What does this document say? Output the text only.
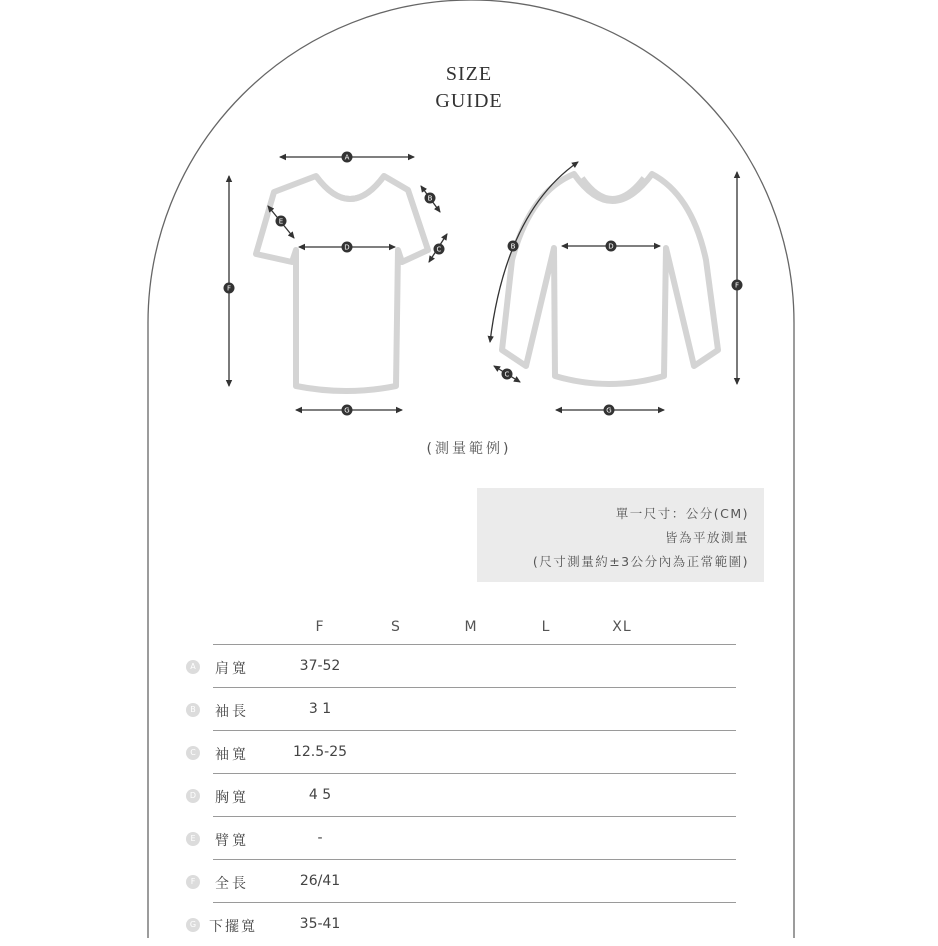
SIZE
GUIDE
A
D
G
F
E
B
C	D
G
F
B
C
(測量範例)
單一尺寸：公分(CM)
皆為平放測量
(尺寸測量約±3公分內為正常範圍)
F	S	M	L	XL
A	肩寬	37-52
B	袖長	3 1
C	袖寬	12.5-25
D 胸寬	4 5
E	臂寬	-
F	全長	26/41
G 下擺寬	35-41
